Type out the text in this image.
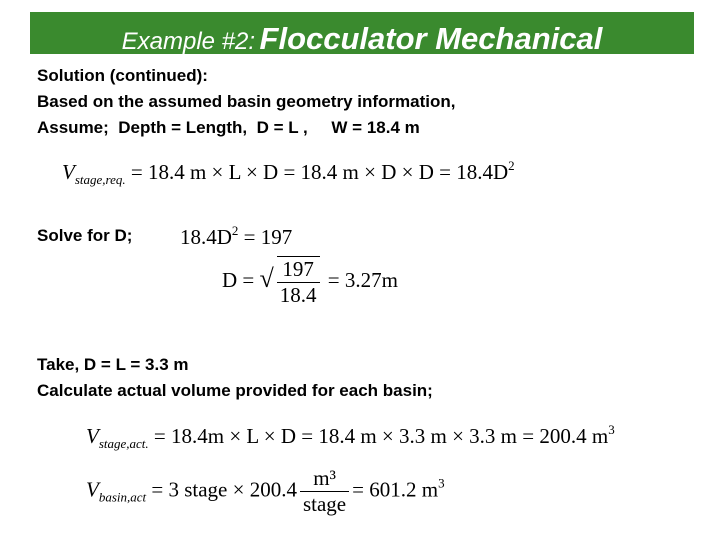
Example #2: Flocculator Mechanical
Solution (continued):
Based on the assumed basin geometry information,
Assume;  Depth = Length,  D = L ,     W = 18.4 m
$V_{stage,req.} = 18.4$ m × L × D = 18.4 $m \times D \times D = 18.4D^2$
Solve for D; $18.4D^2 = 197$
D = √ $\frac{197}{18.4} = 3.27m$
Take, D = L = 3.3 m
Calculate actual volume provided for each basin;
$V_{stage,act.} = 18.4m \times L \times D = 18.4$ m × 3.3 m × 3.3 m = 200.4 $m^3$
$V_{basin,act} = 3$ stage × $200.4 \frac{\text{m³}}{\text{stage}} = 601.2$ $m^3$
